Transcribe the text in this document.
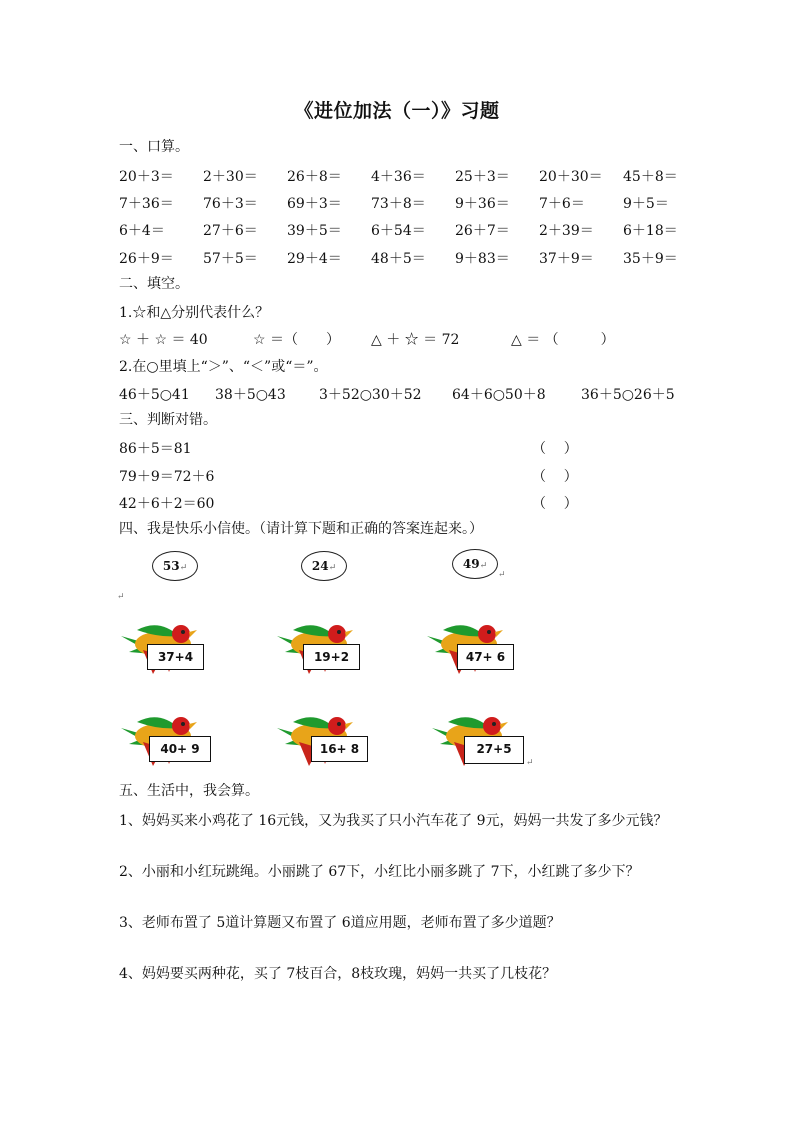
《进位加法（一）》习题
一、口算。
20＋3＝ 2＋30＝ 26＋8＝ 4＋36＝ 25＋3＝ 20＋30＝ 45＋8＝
7＋36＝ 76＋3＝ 69＋3＝ 73＋8＝ 9＋36＝ 7＋6＝	9＋5＝
6＋4＝	27＋6＝ 39＋5＝ 6＋54＝ 26＋7＝ 2＋39＝ 6＋18＝
26＋9＝ 57＋5＝ 29＋4＝ 48＋5＝ 9＋83＝ 37＋9＝ 35＋9＝
二、填空。
1.☆和△分别代表什么？
☆ ＋ ☆ ＝ 40	☆ ＝（　　） △ ＋ ☆ ＝ 72	△ ＝ （　　　）
2.在○里填上“＞”、“＜”或“＝”。
46＋5○41 38＋5○43 3＋52○30＋52 64＋6○50＋8	36＋5○26＋5
三、判断对错。
86＋5＝81	（    ）
79＋9＝72＋6	（    ）
42＋6＋2＝60	（    ）
四、我是快乐小信使。（请计算下题和正确的答案连起来。）
53↵	24↵	49↵
↵
↵
37+4	19+2	47+ 6
40+ 9	16+ 8	27+5
↵
五、生活中，我会算。
1、妈妈买来小鸡花了 16元钱，又为我买了只小汽车花了 9元，妈妈一共发了多少元钱？
2、小丽和小红玩跳绳。小丽跳了 67下，小红比小丽多跳了 7下，小红跳了多少下？
3、老师布置了 5道计算题又布置了 6道应用题，老师布置了多少道题？
4、妈妈要买两种花，买了 7枝百合，8枝玫瑰，妈妈一共买了几枝花？
